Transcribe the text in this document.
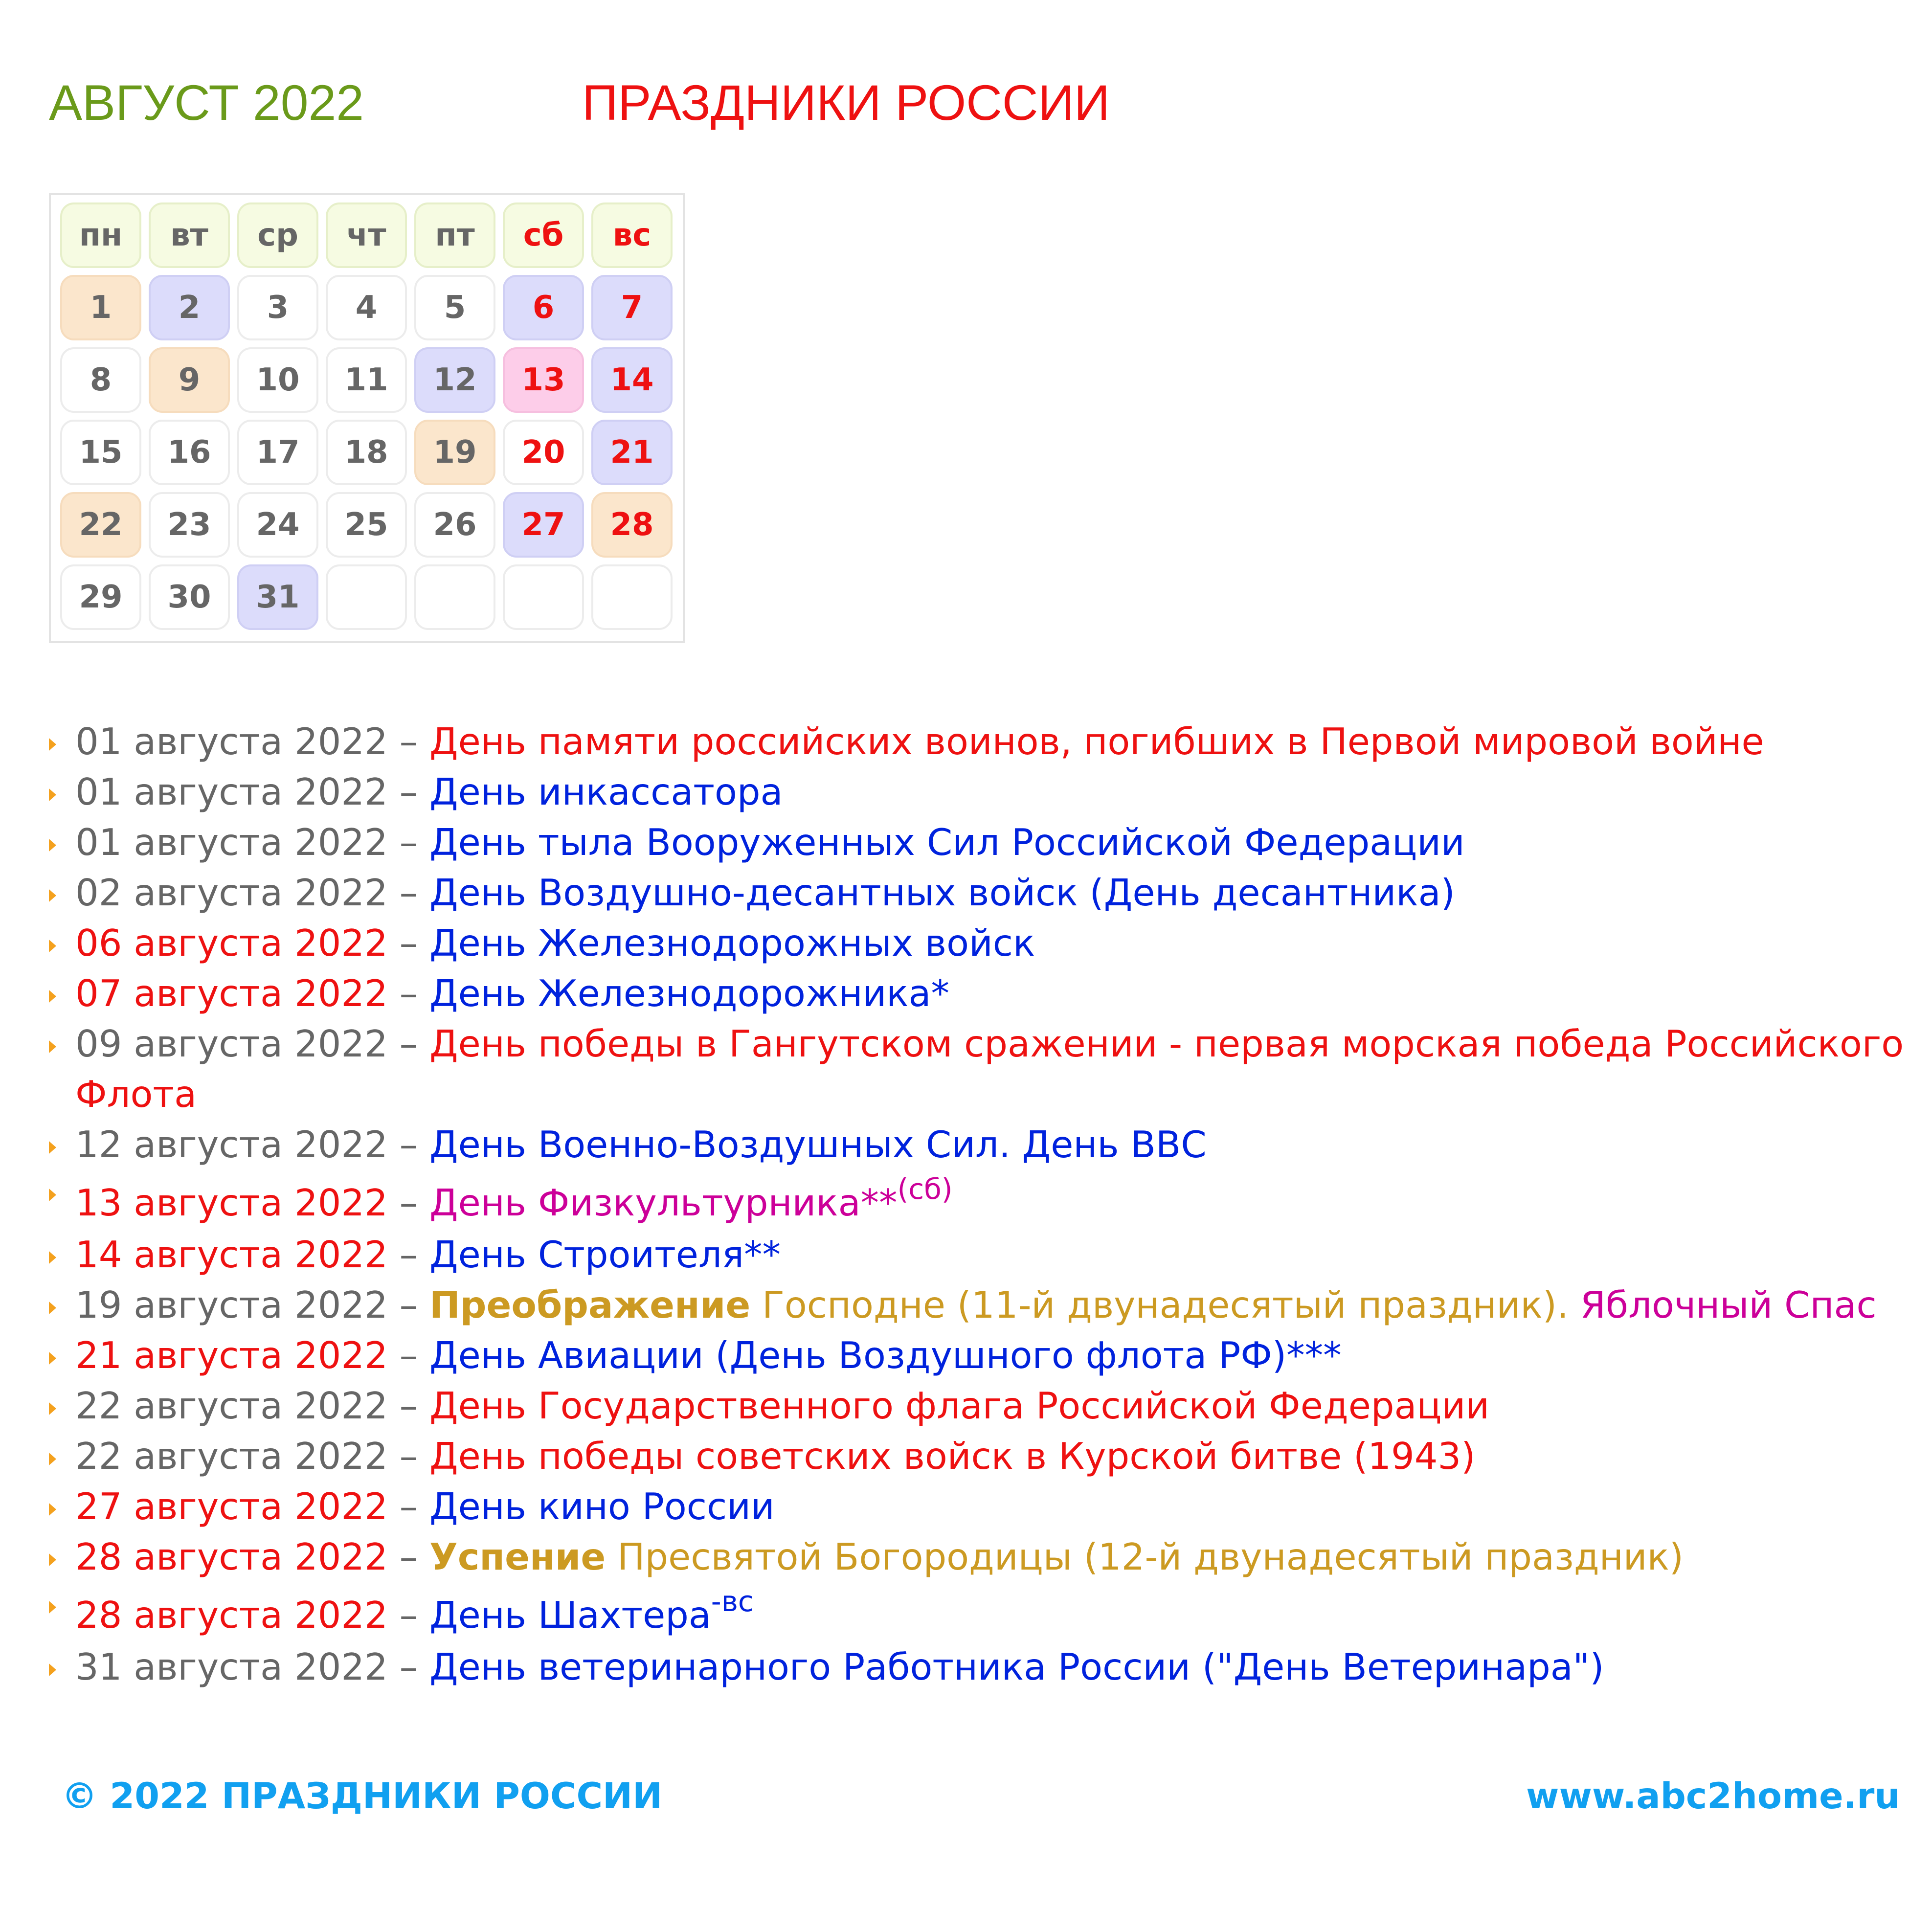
АВГУСТ 2022	ПРАЗДНИКИ РОССИИ
пн	вт	ср	чт	пт	сб	вс
1	2	3	4	5	6	7
8	9	10	11	12	13	14
15	16	17	18	19	20	21
22	23	24	25	26	27	28
29	30	31
01 августа 2022 – День памяти российских воинов, погибших в Первой мировой войне
01 августа 2022 – День инкассатора
01 августа 2022 – День тыла Вооруженных Сил Российской Федерации
02 августа 2022 – День Воздушно-десантных войск (День десантника)
06 августа 2022 – День Железнодорожных войск
07 августа 2022 – День Железнодорожника*
09 августа 2022 – День победы в Гангутском сражении - первая морская победа Российского Флота
12 августа 2022 – День Военно-Воздушных Сил. День ВВС
13 августа 2022 – День Физкультурника**$^{(сб)}$
14 августа 2022 – День Строителя**
19 августа 2022 – Преображение Господне (11-й двунадесятый праздник). Яблочный Спас
21 августа 2022 – День Авиации (День Воздушного флота РФ)***
22 августа 2022 – День Государственного флага Российской Федерации
22 августа 2022 – День победы советских войск в Курской битве (1943)
27 августа 2022 – День кино России
28 августа 2022 – Успение Пресвятой Богородицы (12-й двунадесятый праздник)
28 августа 2022 – День Шахтера$^{-вс}$
31 августа 2022 – День ветеринарного Работника России ("День Ветеринара")
© 2022 ПРАЗДНИКИ РОССИИ	www.abc2home.ru
